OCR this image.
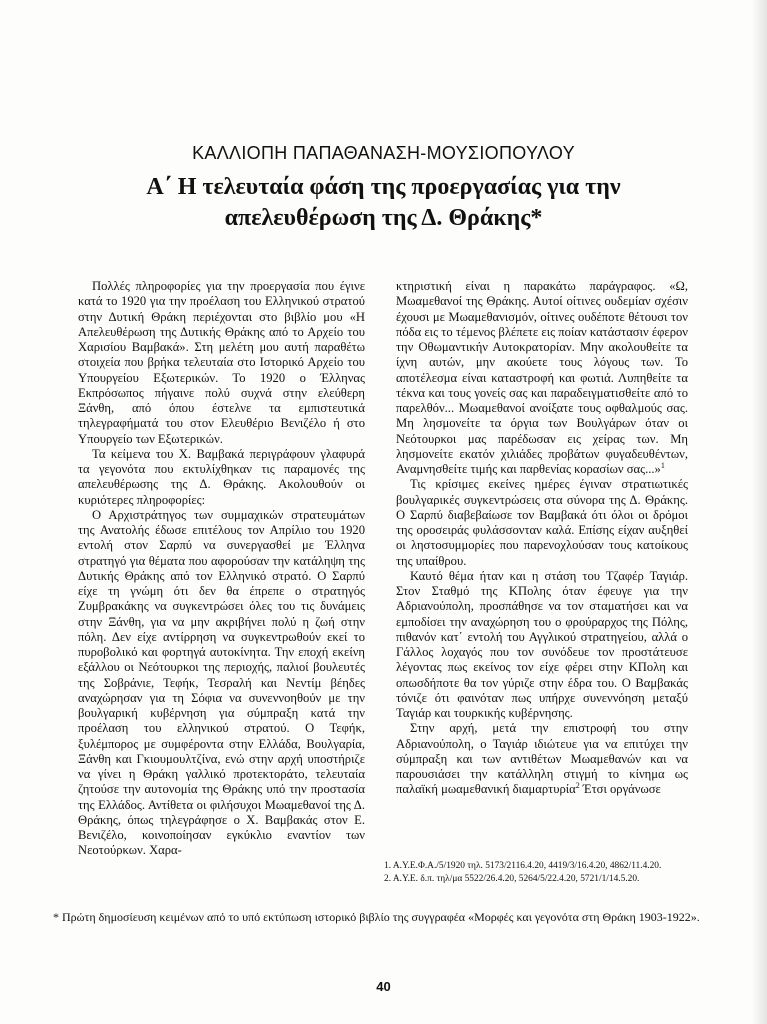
ΚΑΛΛΙΟΠΗ ΠΑΠΑΘΑΝΑΣΗ-ΜΟΥΣΙΟΠΟΥΛΟΥ
Α΄ Η τελευταία φάση της προεργασίας για την
απελευθέρωση της Δ. Θράκης*

Πολλές πληροφορίες για την προεργασία που έγινε κατά το 1920 για την προέλαση του Ελληνικού στρατού στην Δυτική Θράκη περιέχονται στο βιβλίο μου «Η Απελευθέρωση της Δυτικής Θράκης από το Αρχείο του Χαρισίου Βαμβακά». Στη μελέτη μου αυτή παραθέτω στοιχεία που βρήκα τελευταία στο Ιστορικό Αρχείο του Υπουργείου Εξωτερικών. Το 1920 ο Έλληνας Εκπρόσωπος πήγαινε πολύ συχνά στην ελεύθερη Ξάνθη, από όπου έστελνε τα εμπιστευτικά τηλεγραφήματά του στον Ελευθέριο Βενιζέλο ή στο Υπουργείο των Εξωτερικών.

Τα κείμενα του Χ. Βαμβακά περιγράφουν γλαφυρά τα γεγονότα που εκτυλίχθηκαν τις παραμονές της απελευθέρωσης της Δ. Θράκης. Ακολουθούν οι κυριότερες πληροφορίες:

Ο Αρχιστράτηγος των συμμαχικών στρατευμάτων της Ανατολής έδωσε επιτέλους τον Απρίλιο του 1920 εντολή στον Σαρπύ να συνεργασθεί με Έλληνα στρατηγό για θέματα που αφορούσαν την κατάληψη της Δυτικής Θράκης από τον Ελληνικό στρατό. Ο Σαρπύ είχε τη γνώμη ότι δεν θα έπρεπε ο στρατηγός Ζυμβρακάκης να συγκεντρώσει όλες του τις δυνάμεις στην Ξάνθη, για να μην ακριβήνει πολύ η ζωή στην πόλη. Δεν είχε αντίρρηση να συγκεντρωθούν εκεί το πυροβολικό και φορτηγά αυτοκίνητα. Την εποχή εκείνη εξάλλου οι Νεότουρκοι της περιοχής, παλιοί βουλευτές της Σοβράνιε, Τεφήκ, Τεσραλή και Νεντίμ βέηδες αναχώρησαν για τη Σόφια να συνεννοηθούν με την βουλγαρική κυβέρνηση για σύμπραξη κατά την προέλαση του ελληνικού στρατού. Ο Τεφήκ, ξυλέμπορος με συμφέροντα στην Ελλάδα, Βουλγαρία, Ξάνθη και Γκιουμουλτζίνα, ενώ στην αρχή υποστήριζε να γίνει η Θράκη γαλλικό προτεκτοράτο, τελευταία ζητούσε την αυτονομία της Θράκης υπό την προστασία της Ελλάδος. Αντίθετα οι φιλήσυχοι Μωαμεθανοί της Δ. Θράκης, όπως τηλεγράφησε ο Χ. Βαμβακάς στον Ε. Βενιζέλο, κοινοποίησαν εγκύκλιο εναντίον των Νεοτούρκων. Χαρα-

κτηριστική είναι η παρακάτω παράγραφος. «Ω, Μωαμεθανοί της Θράκης. Αυτοί οίτινες ουδεμίαν σχέσιν έχουσι με Μωαμεθανισμόν, οίτινες ουδέποτε θέτουσι τον πόδα εις το τέμενος βλέπετε εις ποίαν κατάστασιν έφερον την Οθωμαντικήν Αυτοκρατορίαν. Μην ακολουθείτε τα ίχνη αυτών, μην ακούετε τους λόγους των. Το αποτέλεσμα είναι καταστροφή και φωτιά. Λυπηθείτε τα τέκνα και τους γονείς σας και παραδειγματισθείτε από το παρελθόν... Μωαμεθανοί ανοίξατε τους οφθαλμούς σας. Μη λησμονείτε τα όργια των Βουλγάρων όταν οι Νεότουρκοι μας παρέδωσαν εις χείρας των. Μη λησμονείτε εκατόν χιλιάδες προβάτων φυγαδευθέντων, Αναμνησθείτε τιμής και παρθενίας κορασίων σας...»$^1$

Τις κρίσιμες εκείνες ημέρες έγιναν στρατιωτικές βουλγαρικές συγκεντρώσεις στα σύνορα της Δ. Θράκης. Ο Σαρπύ διαβεβαίωσε τον Βαμβακά ότι όλοι οι δρόμοι της οροσειράς φυλάσσονταν καλά. Επίσης είχαν αυξηθεί οι ληστοσυμμορίες που παρενοχλούσαν τους κατοίκους της υπαίθρου.

Καυτό θέμα ήταν και η στάση του Τζαφέρ Ταγιάρ. Στον Σταθμό της ΚΠολης όταν έφευγε για την Αδριανούπολη, προσπάθησε να τον σταματήσει και να εμποδίσει την αναχώρηση του ο φρούραρχος της Πόλης, πιθανόν κατ΄ εντολή του Αγγλικού στρατηγείου, αλλά ο Γάλλος λοχαγός που τον συνόδευε τον προστάτευσε λέγοντας πως εκείνος τον είχε φέρει στην ΚΠολη και οπωσδήποτε θα τον γύριζε στην έδρα του. Ο Βαμβακάς τόνιζε ότι φαινόταν πως υπήρχε συνεννόηση μεταξύ Ταγιάρ και τουρκικής κυβέρνησης.

Στην αρχή, μετά την επιστροφή του στην Αδριανούπολη, ο Ταγιάρ ιδιώτευε για να επιτύχει την σύμπραξη και των αντιθέτων Μωαμεθανών και να παρουσιάσει την κατάλληλη στιγμή το κίνημα ως παλαϊκή μωαμεθανική διαμαρτυρία$^2$ Έτσι οργάνωσε

1. Α.Υ.Ε.Φ.Α./5/1920 τηλ. 5173/2116.4.20, 4419/3/16.4.20, 4862/11.4.20.
2. Α.Υ.Ε. δ.π. τηλ/μα 5522/26.4.20, 5264/5/22.4.20, 5721/1/14.5.20.
* Πρώτη δημοσίευση κειμένων από το υπό εκτύπωση ιστορικό βιβλίο της συγγραφέα «Μορφές και γεγονότα στη Θράκη 1903-1922».
40
